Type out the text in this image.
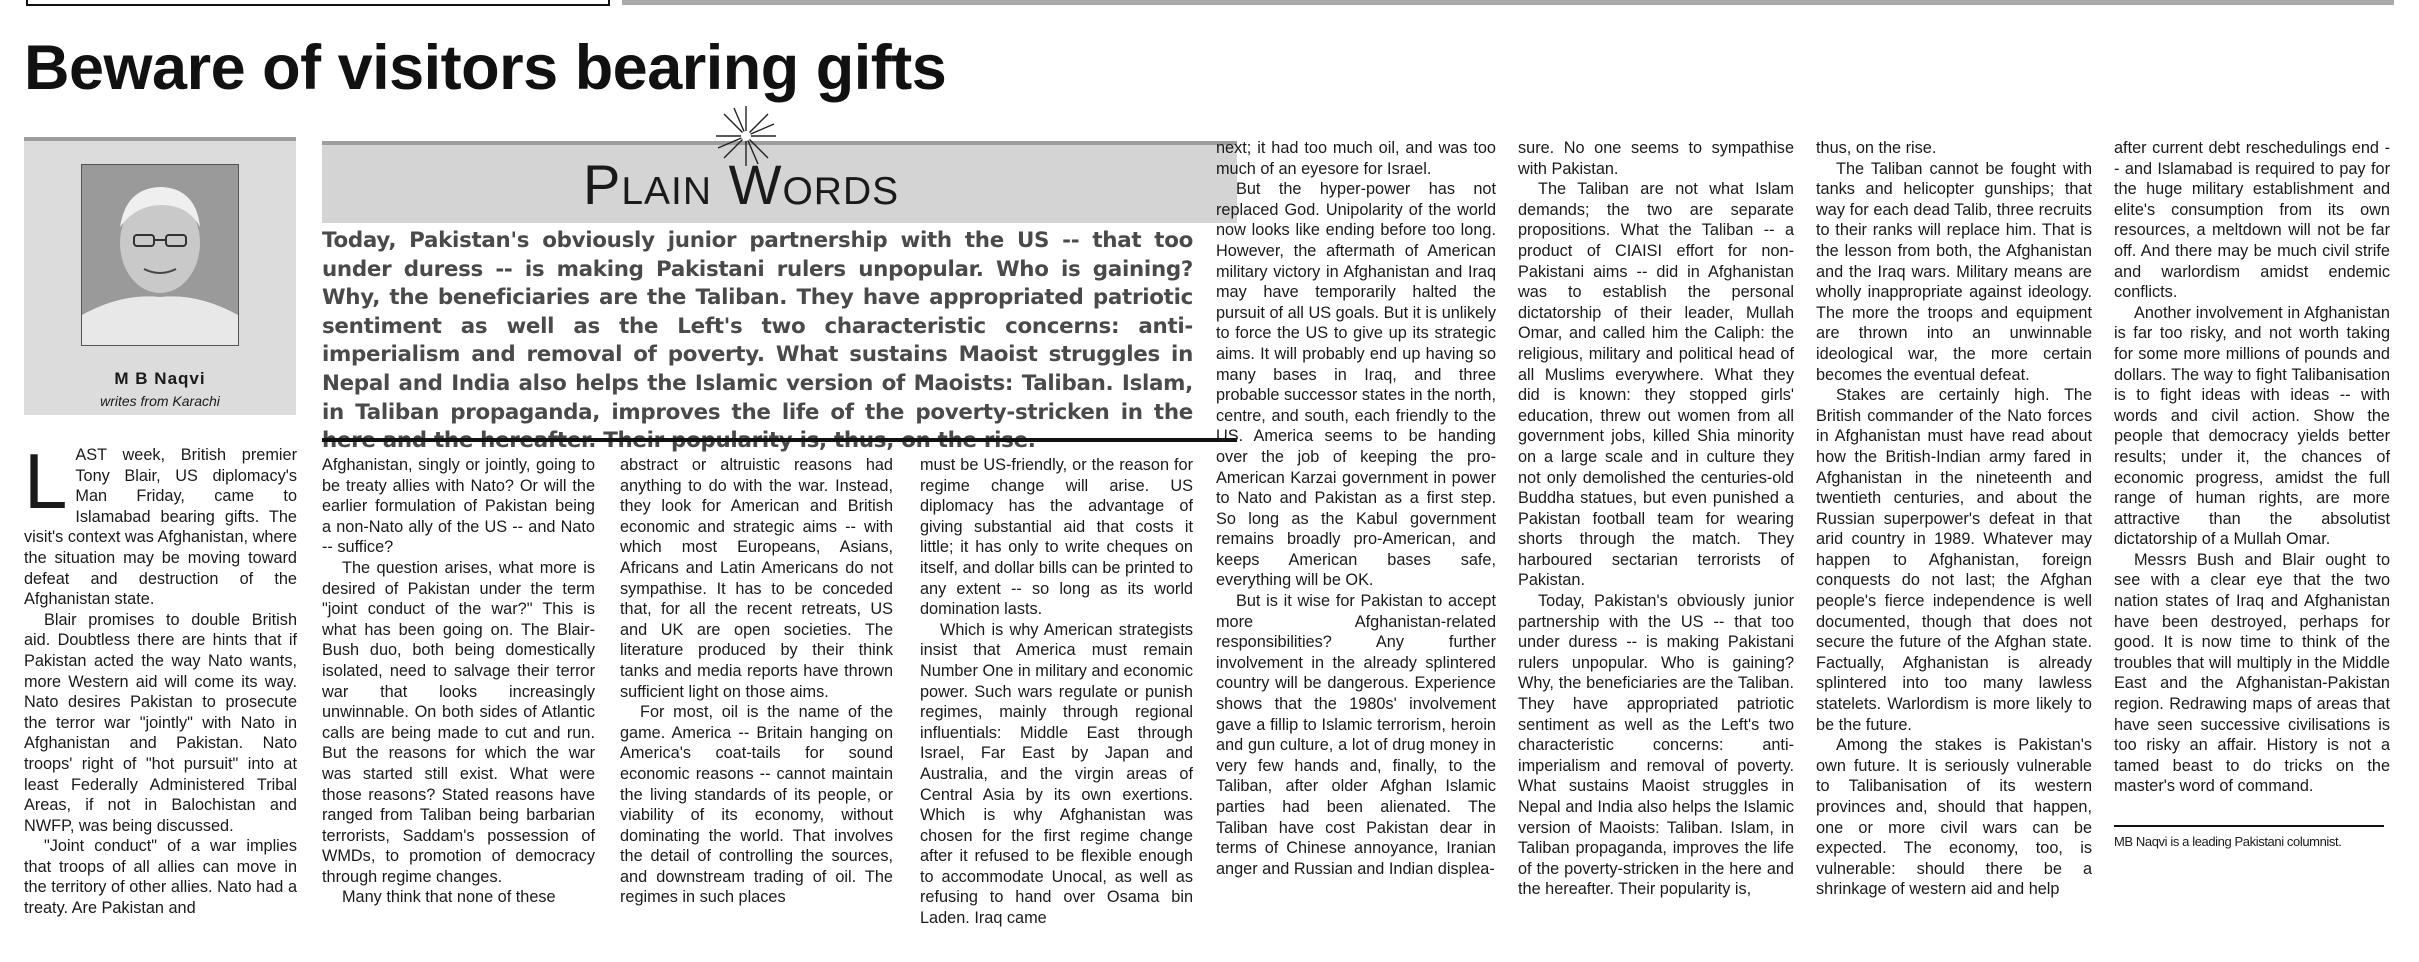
Beware of visitors bearing gifts
M B Naqvi
writes from Karachi
Plain Words
Today, Pakistan's obviously junior partnership with the US -- that too under duress -- is making Pakistani rulers unpopular. Who is gaining? Why, the beneficiaries are the Taliban. They have appropriated patriotic sentiment as well as the Left's two characteristic concerns: anti-imperialism and removal of poverty. What sustains Maoist struggles in Nepal and India also helps the Islamic version of Maoists: Taliban. Islam, in Taliban propaganda, improves the life of the poverty-stricken in the

LAST week, British premier Tony Blair, US diplomacy's Man Friday, came to Islamabad bearing gifts. The visit's context was Afghanistan, where the situation may be moving toward defeat and destruction of the Afghanistan state.

Blair promises to double British aid. Doubtless there are hints that if Pakistan acted the way Nato wants, more Western aid will come its way. Nato desires Pakistan to prosecute the terror war "jointly" with Nato in Afghanistan and Pakistan. Nato troops' right of "hot pursuit" into at least Federally Administered Tribal Areas, if not in Balochistan and NWFP, was being discussed.

"Joint conduct" of a war implies that troops of all allies can move in the territory of other allies. Nato had a treaty. Are Pakistan and

Afghanistan, singly or jointly, going to be treaty allies with Nato? Or will the earlier formulation of Pakistan being a non-Nato ally of the US -- and Nato -- suffice?

The question arises, what more is desired of Pakistan under the term "joint conduct of the war?" This is what has been going on. The Blair-Bush duo, both being domestically isolated, need to salvage their terror war that looks increasingly unwinnable. On both sides of Atlantic calls are being made to cut and run. But the reasons for which the war was started still exist. What were those reasons? Stated reasons have ranged from Taliban being barbarian terrorists, Saddam's possession of WMDs, to promotion of democracy through regime changes.

Many think that none of these

abstract or altruistic reasons had anything to do with the war. Instead, they look for American and British economic and strategic aims -- with which most Europeans, Asians, Africans and Latin Americans do not sympathise. It has to be conceded that, for all the recent retreats, US and UK are open societies. The literature produced by their think tanks and media reports have thrown sufficient light on those aims.

For most, oil is the name of the game. America -- Britain hanging on America's coat-tails for sound economic reasons -- cannot maintain the living standards of its people, or viability of its economy, without dominating the world. That involves the detail of controlling the sources, and downstream trading of oil. The regimes in such places

must be US-friendly, or the reason for regime change will arise. US diplomacy has the advantage of giving substantial aid that costs it little; it has only to write cheques on itself, and dollar bills can be printed to any extent -- so long as its world domination lasts.

Which is why American strategists insist that America must remain Number One in military and economic power. Such wars regulate or punish regimes, mainly through regional influentials: Middle East through Israel, Far East by Japan and Australia, and the virgin areas of Central Asia by its own exertions. Which is why Afghanistan was chosen for the first regime change after it refused to be flexible enough to accommodate Unocal, as well as refusing to hand over Osama bin Laden. Iraq came

next; it had too much oil, and was too much of an eyesore for Israel.

But the hyper-power has not replaced God. Unipolarity of the world now looks like ending before too long. However, the aftermath of American military victory in Afghanistan and Iraq may have temporarily halted the pursuit of all US goals. But it is unlikely to force the US to give up its strategic aims. It will probably end up having so many bases in Iraq, and three probable successor states in the north, centre, and south, each friendly to the US. America seems to be handing over the job of keeping the pro-American Karzai government in power to Nato and Pakistan as a first step. So long as the Kabul government remains broadly pro-American, and keeps American bases safe, everything will be OK.

But is it wise for Pakistan to accept more Afghanistan-related responsibilities? Any further involvement in the already splintered country will be dangerous. Experience shows that the 1980s' involvement gave a fillip to Islamic terrorism, heroin and gun culture, a lot of drug money in very few hands and, finally, to the Taliban, after older Afghan Islamic parties had been alienated. The Taliban have cost Pakistan dear in terms of Chinese annoyance, Iranian anger and Russian and Indian displea-

sure. No one seems to sympathise with Pakistan.

The Taliban are not what Islam demands; the two are separate propositions. What the Taliban -- a product of CIAISI effort for non-Pakistani aims -- did in Afghanistan was to establish the personal dictatorship of their leader, Mullah Omar, and called him the Caliph: the religious, military and political head of all Muslims everywhere. What they did is known: they stopped girls' education, threw out women from all government jobs, killed Shia minority on a large scale and in culture they not only demolished the centuries-old Buddha statues, but even punished a Pakistan football team for wearing shorts through the match. They harboured sectarian terrorists of Pakistan.

Today, Pakistan's obviously junior partnership with the US -- that too under duress -- is making Pakistani rulers unpopular. Who is gaining? Why, the beneficiaries are the Taliban. They have appropriated patriotic sentiment as well as the Left's two characteristic concerns: anti-imperialism and removal of poverty. What sustains Maoist struggles in Nepal and India also helps the Islamic version of Maoists: Taliban. Islam, in Taliban propaganda, improves the life of the poverty-stricken in the here and the hereafter. Their popularity is,

thus, on the rise.

The Taliban cannot be fought with tanks and helicopter gunships; that way for each dead Talib, three recruits to their ranks will replace him. That is the lesson from both, the Afghanistan and the Iraq wars. Military means are wholly inappropriate against ideology. The more the troops and equipment are thrown into an unwinnable ideological war, the more certain becomes the eventual defeat.

Stakes are certainly high. The British commander of the Nato forces in Afghanistan must have read about how the British-Indian army fared in Afghanistan in the nineteenth and twentieth centuries, and about the Russian superpower's defeat in that arid country in 1989. Whatever may happen to Afghanistan, foreign conquests do not last; the Afghan people's fierce independence is well documented, though that does not secure the future of the Afghan state. Factually, Afghanistan is already splintered into too many lawless statelets. Warlordism is more likely to be the future.

Among the stakes is Pakistan's own future. It is seriously vulnerable to Talibanisation of its western provinces and, should that happen, one or more civil wars can be expected. The economy, too, is vulnerable: should there be a shrinkage of western aid and help

after current debt reschedulings end -- and Islamabad is required to pay for the huge military establishment and elite's consumption from its own resources, a meltdown will not be far off. And there may be much civil strife and warlordism amidst endemic conflicts.

Another involvement in Afghanistan is far too risky, and not worth taking for some more millions of pounds and dollars. The way to fight Talibanisation is to fight ideas with ideas -- with words and civil action. Show the people that democracy yields better results; under it, the chances of economic progress, amidst the full range of human rights, are more attractive than the absolutist dictatorship of a Mullah Omar.

Messrs Bush and Blair ought to see with a clear eye that the two nation states of Iraq and Afghanistan have been destroyed, perhaps for good. It is now time to think of the troubles that will multiply in the Middle East and the Afghanistan-Pakistan region. Redrawing maps of areas that have seen successive civilisations is too risky an affair. History is not a tamed beast to do tricks on the master's word of command.

MB Naqvi is a leading Pakistani columnist.
